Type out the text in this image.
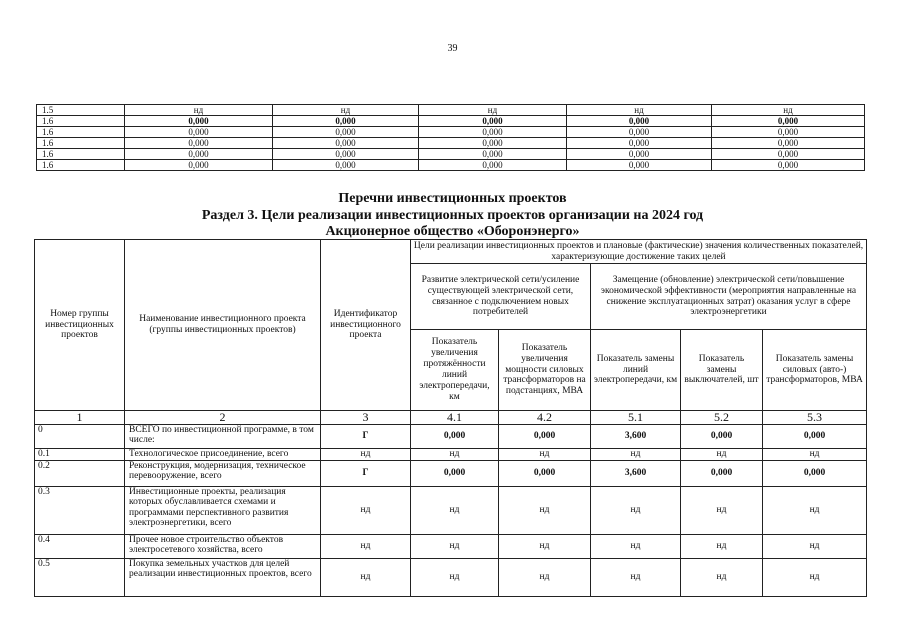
39
1.5	нд	нд	нд	нд	нд
1.6	0,000	0,000	0,000	0,000	0,000
1.6	0,000	0,000	0,000	0,000	0,000
1.6	0,000	0,000	0,000	0,000	0,000
1.6	0,000	0,000	0,000	0,000	0,000
1.6	0,000	0,000	0,000	0,000	0,000
Перечни инвестиционных проектов
Раздел 3. Цели реализации инвестиционных проектов организации на 2024 год
Акционерное общество «Оборонэнерго»
Номер группы инвестиционных проектов	Наименование инвестиционного проекта (группы инвестиционных проектов)	Идентификатор инвестиционного проекта	Цели реализации инвестиционных проектов и плановые (фактические) значения количественных показателей, характеризующие достижение таких целей				
			Развитие электрической сети/усиление существующей электрической сети, связанное с подключением новых потребителей		Замещение (обновление) электрической сети/повышение экономической эффективности (мероприятия направленные на снижение эксплуатационных затрат) оказания услуг в сфере электроэнергетики		
			Показатель увеличения протяжённости линий электропередачи, км	Показатель увеличения мощности силовых трансформаторов на подстанциях, МВА	Показатель замены линий электропередачи, км	Показатель замены выключателей, шт	Показатель замены силовых (авто-) трансформаторов, МВА
1	2	3	4.1	4.2	5.1	5.2	5.3
0	ВСЕГО по инвестиционной программе, в том числе:	Г	0,000	0,000	3,600	0,000	0,000
0.1	Технологическое присоединение, всего	нд	нд	нд	нд	нд	нд
0.2	Реконструкция, модернизация, техническое перевооружение, всего	Г	0,000	0,000	3,600	0,000	0,000
0.3	Инвестиционные проекты, реализация которых обуславливается схемами и программами перспективного развития электроэнергетики, всего	нд	нд	нд	нд	нд	нд
0.4	Прочее новое строительство объектов электросетевого хозяйства, всего	нд	нд	нд	нд	нд	нд
0.5	Покупка земельных участков для целей реализации инвестиционных проектов, всего	нд	нд	нд	нд	нд	нд
